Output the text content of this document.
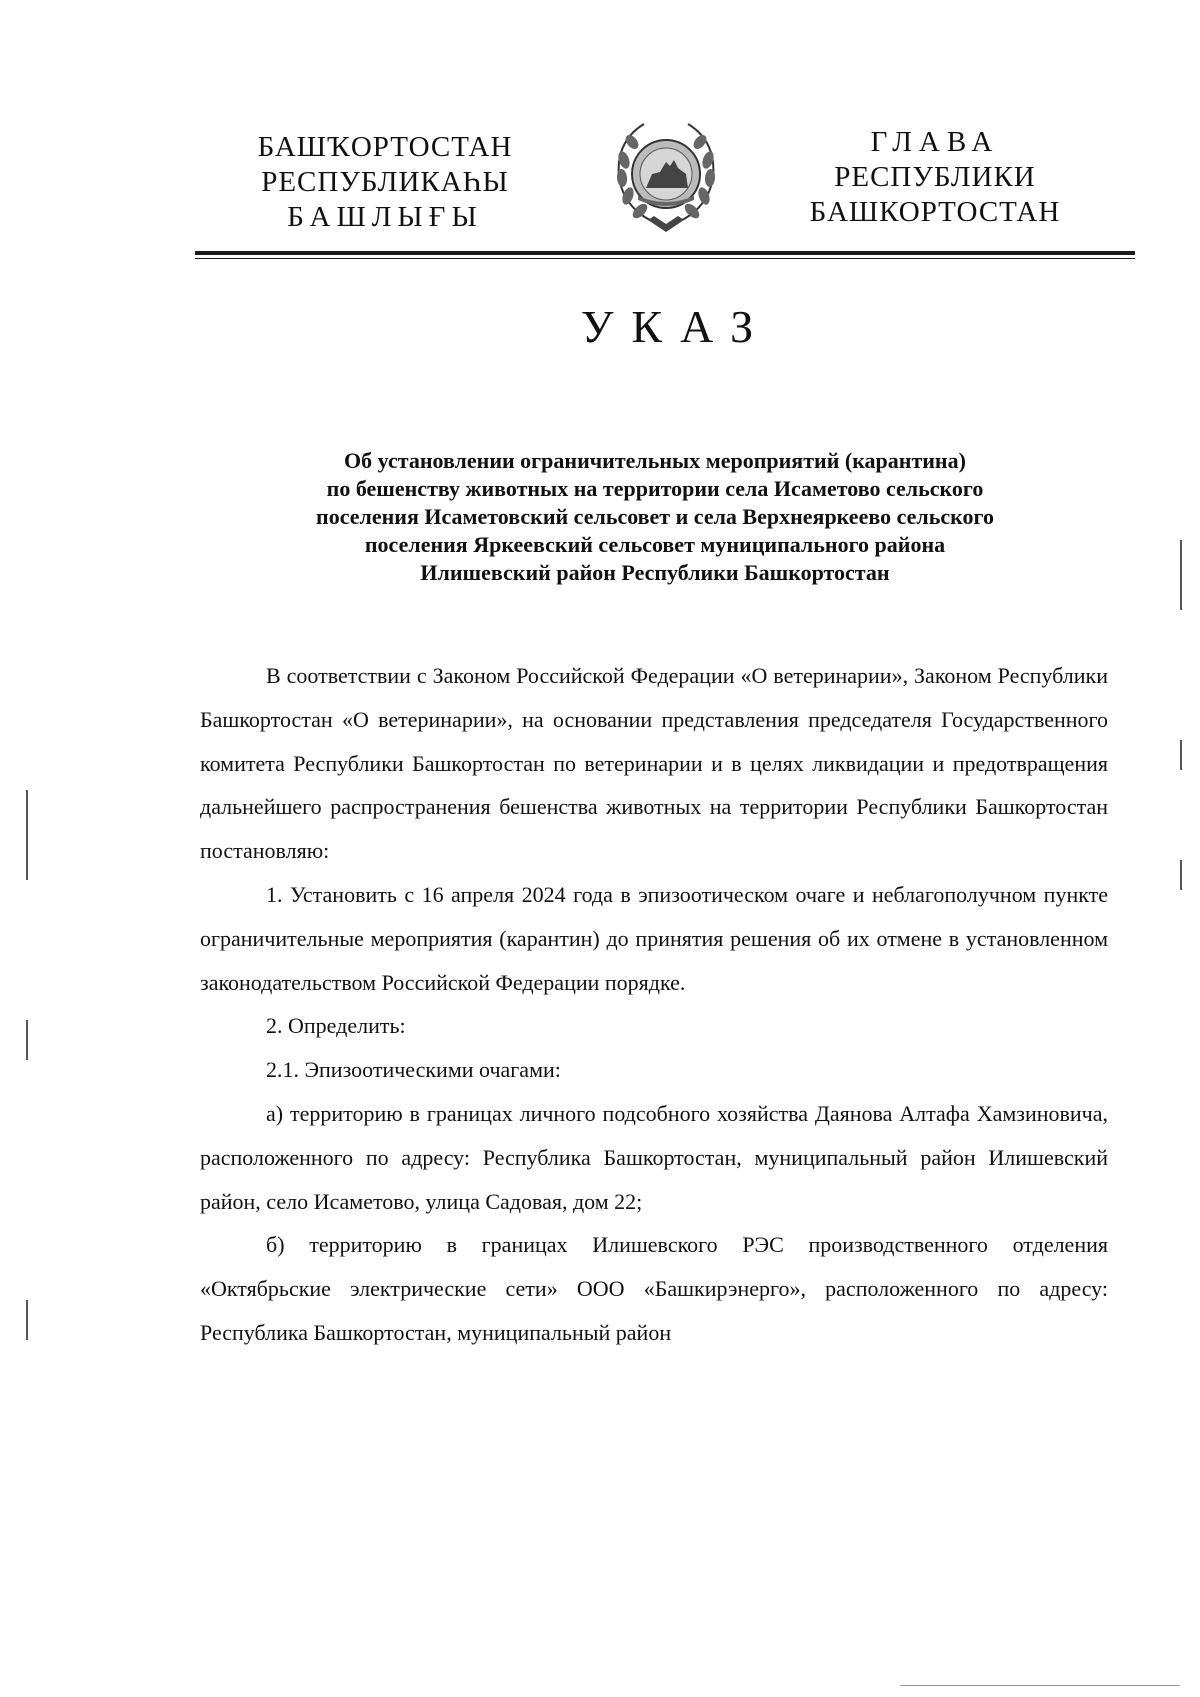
БАШҠОРТОСТАН
РЕСПУБЛИКАҺЫ
БАШЛЫҒЫ
ГЛАВА
РЕСПУБЛИКИ
БАШКОРТОСТАН
УКАЗ
Об установлении ограничительных мероприятий (карантина)
по бешенству животных на территории села Исаметово сельского
поселения Исаметовский сельсовет и села Верхнеяркеево сельского
поселения Яркеевский сельсовет муниципального района
Илишевский район Республики Башкортостан

В соответствии с Законом Российской Федерации «О ветеринарии», Законом Республики Башкортостан «О ветеринарии», на основании представления председателя Государственного комитета Республики Башкортостан по ветеринарии и в целях ликвидации и предотвращения дальнейшего распространения бешенства животных на территории Республики Башкортостан постановляю:

1. Установить с 16 апреля 2024 года в эпизоотическом очаге и неблагополучном пункте ограничительные мероприятия (карантин) до принятия решения об их отмене в установленном законодательством Российской Федерации порядке.

2. Определить:

2.1. Эпизоотическими очагами:

а) территорию в границах личного подсобного хозяйства Даянова Алтафа Хамзиновича, расположенного по адресу: Республика Башкортостан, муниципальный район Илишевский район, село Исаметово, улица Садовая, дом 22;

б) территорию в границах Илишевского РЭС производственного отделения «Октябрьские электрические сети» ООО «Башкирэнерго», расположенного по адресу: Республика Башкортостан, муниципальный район
